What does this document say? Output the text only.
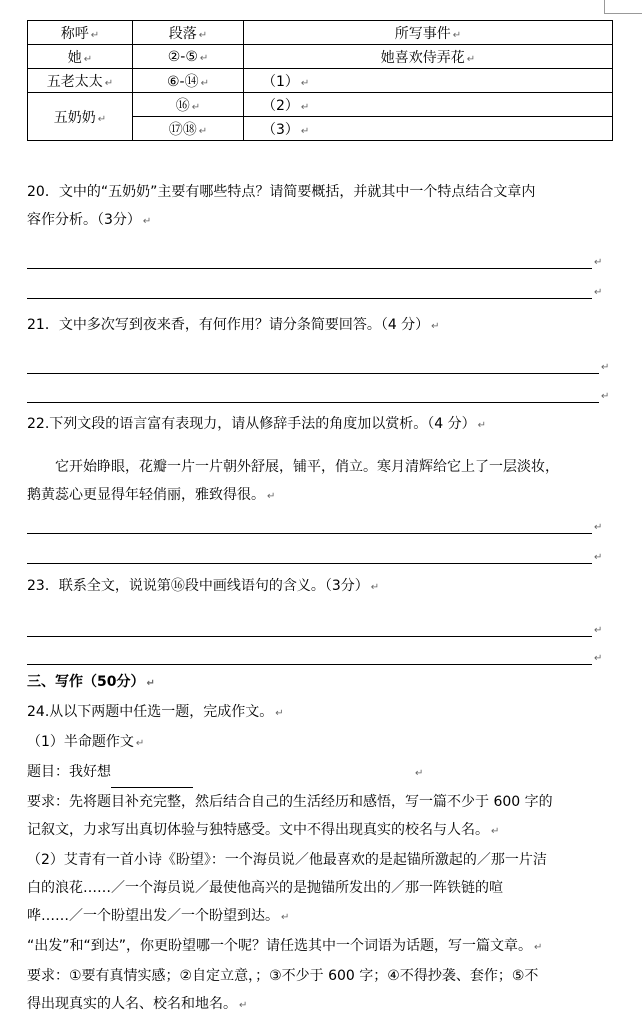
称呼 ↵	段落 ↵	所写事件 ↵
她 ↵	②-⑤ ↵	她喜欢侍弄花 ↵
五老太太 ↵	⑥-⑭ ↵	（1） ↵
五奶奶 ↵	⑯ ↵	（2） ↵
	⑰⑱ ↵	（3） ↵
20．文中的“五奶奶”主要有哪些特点？请简要概括，并就其中一个特点结合文章内
容作分析。（3分） ↵
↵
↵
21．文中多次写到夜来香，有何作用？请分条简要回答。（4 分） ↵
↵
↵
22.下列文段的语言富有表现力，请从修辞手法的角度加以赏析。（4 分） ↵
它开始睁眼，花瓣一片一片朝外舒展，铺平，俏立。寒月清辉给它上了一层淡妆，
鹅黄蕊心更显得年轻俏丽，雅致得很。 ↵
↵
↵
23．联系全文，说说第⑯段中画线语句的含义。（3分） ↵
↵
↵
三、写作（50分） ↵
24.从以下两题中任选一题，完成作文。 ↵
（1）半命题作文 ↵
题目：我好想	↵
要求：先将题目补充完整，然后结合自己的生活经历和感悟，写一篇不少于 600 字的
记叙文，力求写出真切体验与独特感受。文中不得出现真实的校名与人名。 ↵
（2）艾青有一首小诗《盼望》：一个海员说／他最喜欢的是起锚所激起的／那一片洁
白的浪花……／一个海员说／最使他高兴的是抛锚所发出的／那一阵铁链的喧
哗……／一个盼望出发／一个盼望到达。 ↵
“出发”和“到达”，你更盼望哪一个呢？请任选其中一个词语为话题，写一篇文章。 ↵
要求：①要有真情实感；②自定立意，；③不少于 600 字；④不得抄袭、套作；⑤不
得出现真实的人名、校名和地名。 ↵
